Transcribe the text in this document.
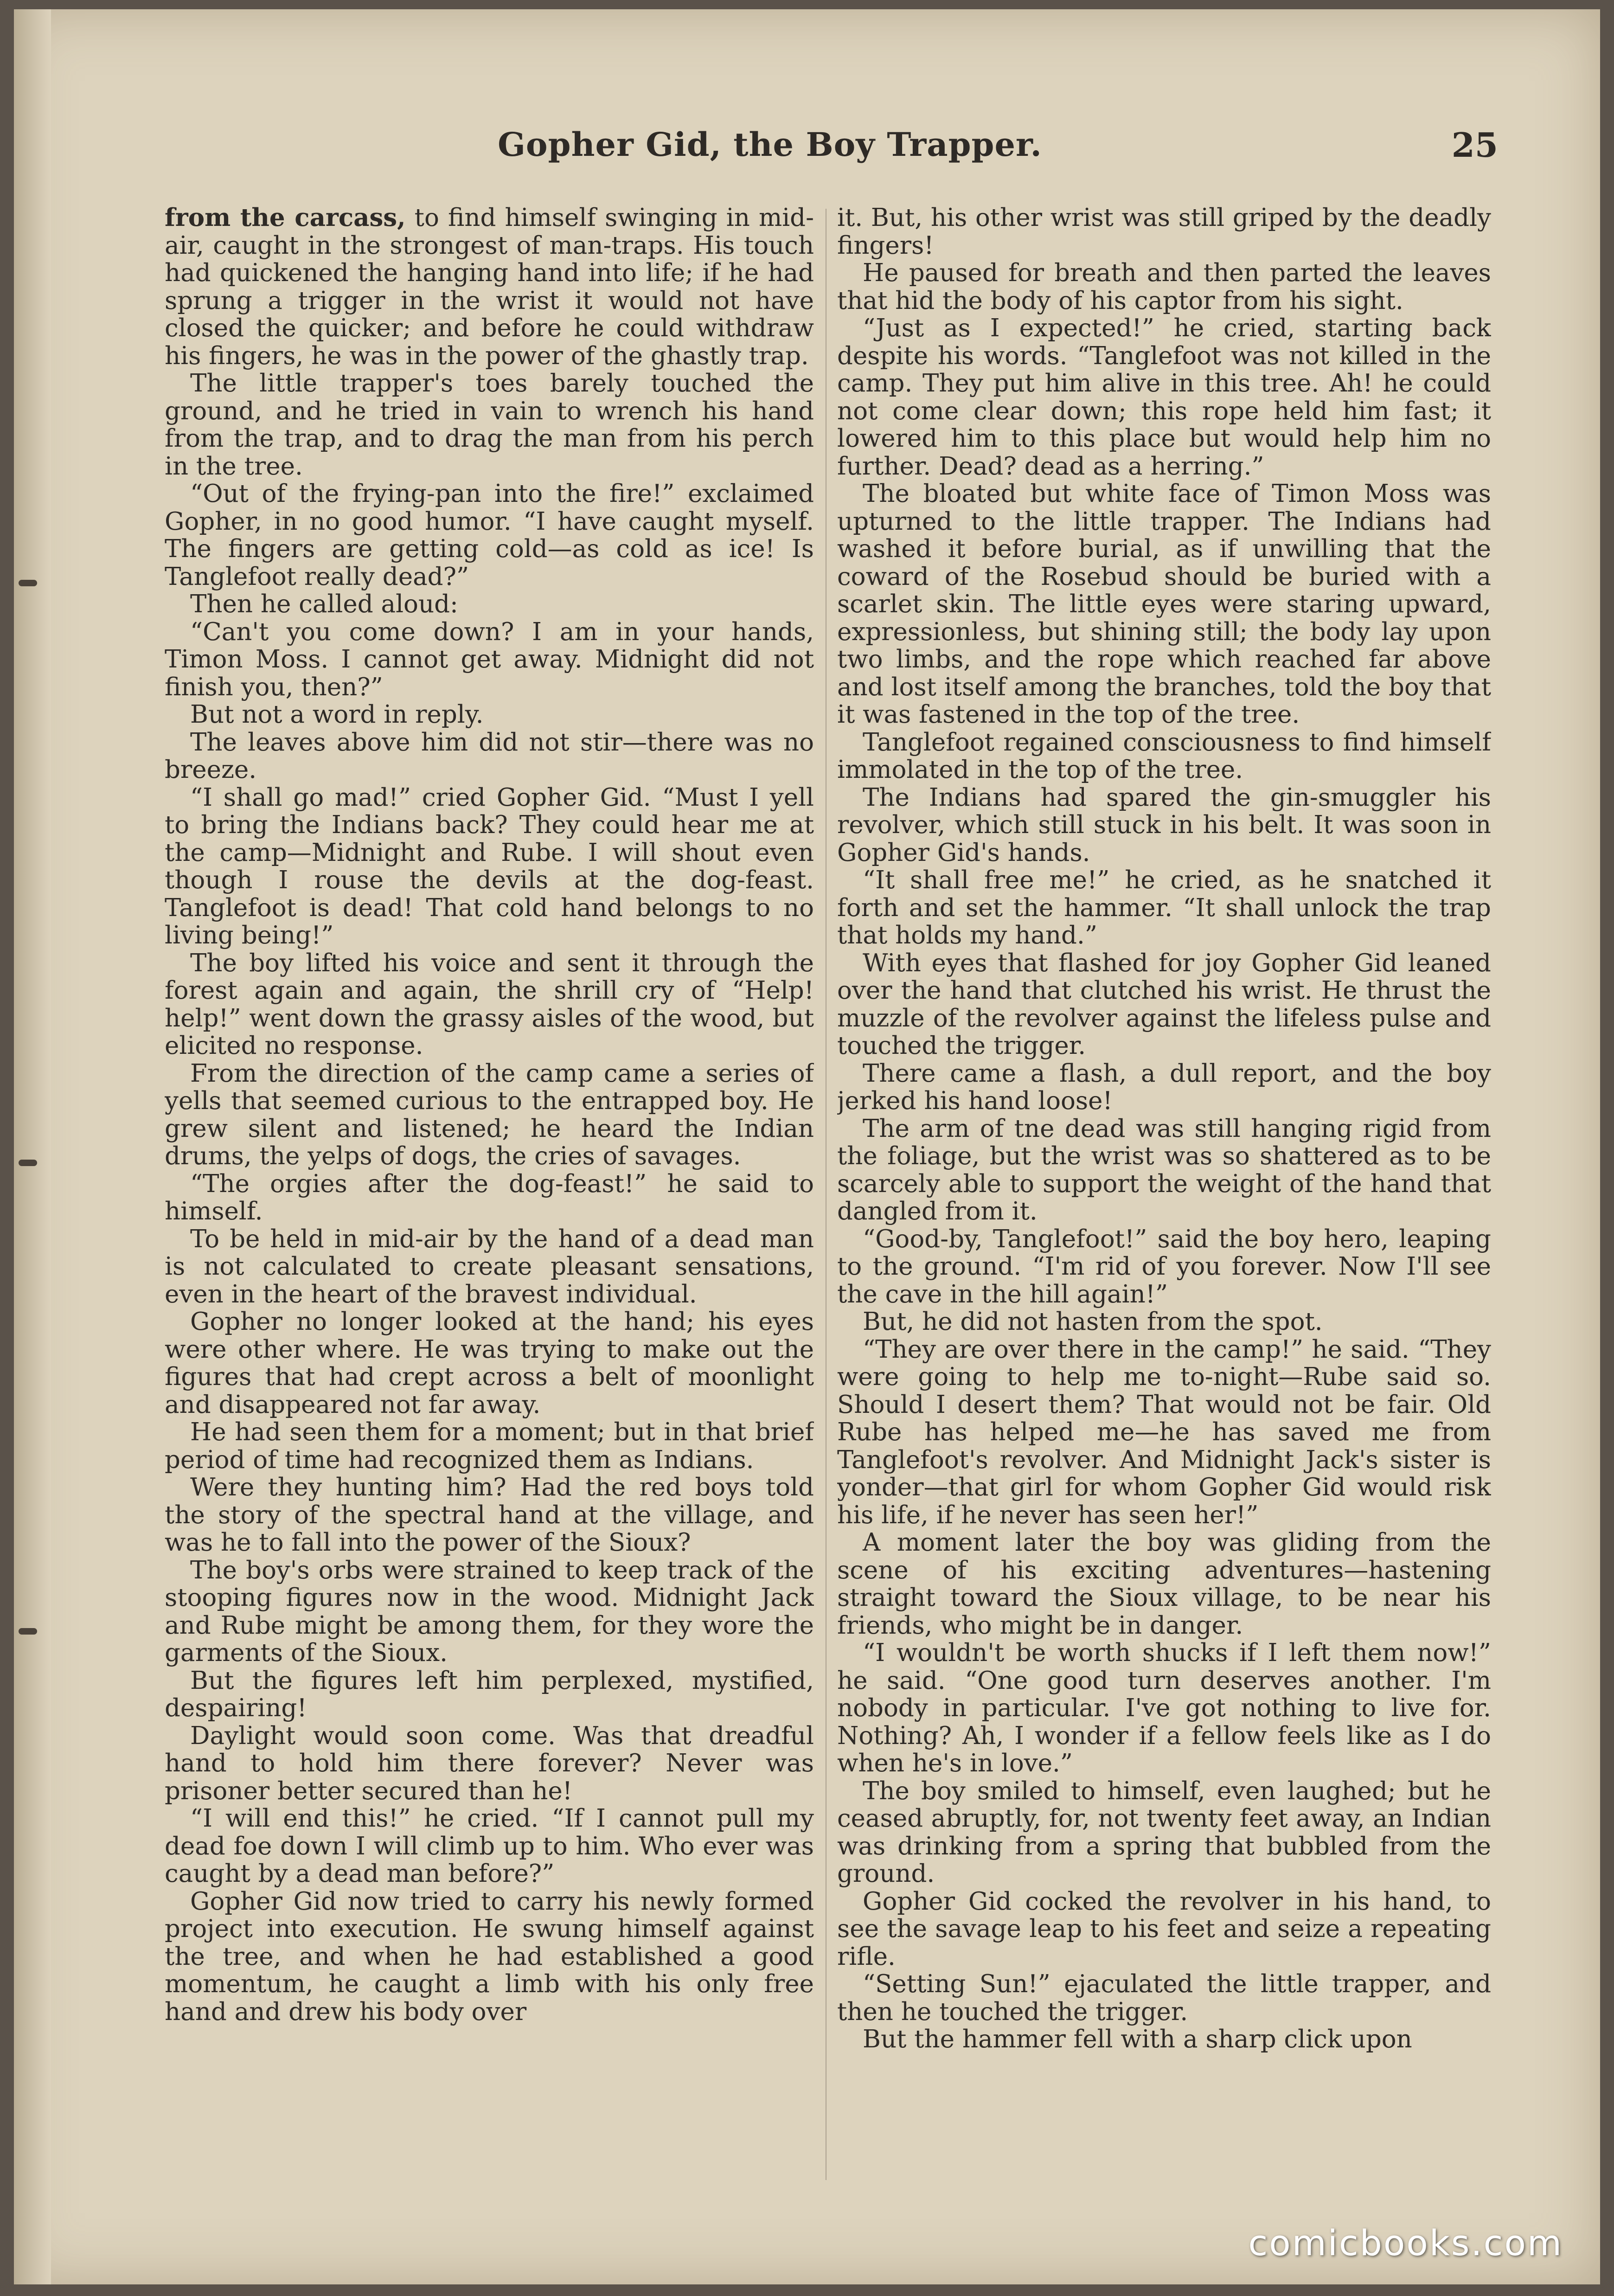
Gopher Gid, the Boy Trapper.	25

from the carcass, to find himself swinging in mid-air, caught in the strongest of man-traps. His touch had quickened the hanging hand into life; if he had sprung a trigger in the wrist it would not have closed the quicker; and before he could withdraw his fingers, he was in the power of the ghastly trap.

The little trapper's toes barely touched the ground, and he tried in vain to wrench his hand from the trap, and to drag the man from his perch in the tree.

“Out of the frying-pan into the fire!” exclaimed Gopher, in no good humor. “I have caught myself. The fingers are getting cold—as cold as ice! Is Tanglefoot really dead?”

Then he called aloud:

“Can't you come down? I am in your hands, Timon Moss. I cannot get away. Midnight did not finish you, then?”

But not a word in reply.

The leaves above him did not stir—there was no breeze.

“I shall go mad!” cried Gopher Gid. “Must I yell to bring the Indians back? They could hear me at the camp—Midnight and Rube. I will shout even though I rouse the devils at the dog-feast. Tanglefoot is dead! That cold hand belongs to no living being!”

The boy lifted his voice and sent it through the forest again and again, the shrill cry of “Help! help!” went down the grassy aisles of the wood, but elicited no response.

From the direction of the camp came a series of yells that seemed curious to the entrapped boy. He grew silent and listened; he heard the Indian drums, the yelps of dogs, the cries of savages.

“The orgies after the dog-feast!” he said to himself.

To be held in mid-air by the hand of a dead man is not calculated to create pleasant sensations, even in the heart of the bravest individual.

Gopher no longer looked at the hand; his eyes were other where. He was trying to make out the figures that had crept across a belt of moonlight and disappeared not far away.

He had seen them for a moment; but in that brief period of time had recognized them as Indians.

Were they hunting him? Had the red boys told the story of the spectral hand at the village, and was he to fall into the power of the Sioux?

The boy's orbs were strained to keep track of the stooping figures now in the wood. Midnight Jack and Rube might be among them, for they wore the garments of the Sioux.

But the figures left him perplexed, mystified, despairing!

Daylight would soon come. Was that dreadful hand to hold him there forever? Never was prisoner better secured than he!

“I will end this!” he cried. “If I cannot pull my dead foe down I will climb up to him. Who ever was caught by a dead man before?”

Gopher Gid now tried to carry his newly formed project into execution. He swung himself against the tree, and when he had established a good momentum, he caught a limb with his only free hand and drew his body over

it. But, his other wrist was still griped by the deadly fingers!

He paused for breath and then parted the leaves that hid the body of his captor from his sight.

“Just as I expected!” he cried, starting back despite his words. “Tanglefoot was not killed in the camp. They put him alive in this tree. Ah! he could not come clear down; this rope held him fast; it lowered him to this place but would help him no further. Dead? dead as a herring.”

The bloated but white face of Timon Moss was upturned to the little trapper. The Indians had washed it before burial, as if unwilling that the coward of the Rosebud should be buried with a scarlet skin. The little eyes were staring upward, expressionless, but shining still; the body lay upon two limbs, and the rope which reached far above and lost itself among the branches, told the boy that it was fastened in the top of the tree.

Tanglefoot regained consciousness to find himself immolated in the top of the tree.

The Indians had spared the gin-smuggler his revolver, which still stuck in his belt. It was soon in Gopher Gid's hands.

“It shall free me!” he cried, as he snatched it forth and set the hammer. “It shall unlock the trap that holds my hand.”

With eyes that flashed for joy Gopher Gid leaned over the hand that clutched his wrist. He thrust the muzzle of the revolver against the lifeless pulse and touched the trigger.

There came a flash, a dull report, and the boy jerked his hand loose!

The arm of tne dead was still hanging rigid from the foliage, but the wrist was so shattered as to be scarcely able to support the weight of the hand that dangled from it.

“Good-by, Tanglefoot!” said the boy hero, leaping to the ground. “I'm rid of you forever. Now I'll see the cave in the hill again!”

But, he did not hasten from the spot.

“They are over there in the camp!” he said. “They were going to help me to-night—Rube said so. Should I desert them? That would not be fair. Old Rube has helped me—he has saved me from Tanglefoot's revolver. And Midnight Jack's sister is yonder—that girl for whom Gopher Gid would risk his life, if he never has seen her!”

A moment later the boy was gliding from the scene of his exciting adventures—hastening straight toward the Sioux village, to be near his friends, who might be in danger.

“I wouldn't be worth shucks if I left them now!” he said. “One good turn deserves another. I'm nobody in particular. I've got nothing to live for. Nothing? Ah, I wonder if a fellow feels like as I do when he's in love.”

The boy smiled to himself, even laughed; but he ceased abruptly, for, not twenty feet away, an Indian was drinking from a spring that bubbled from the ground.

Gopher Gid cocked the revolver in his hand, to see the savage leap to his feet and seize a repeating rifle.

“Setting Sun!” ejaculated the little trapper, and then he touched the trigger.

But the hammer fell with a sharp click upon

comicbooks.com
